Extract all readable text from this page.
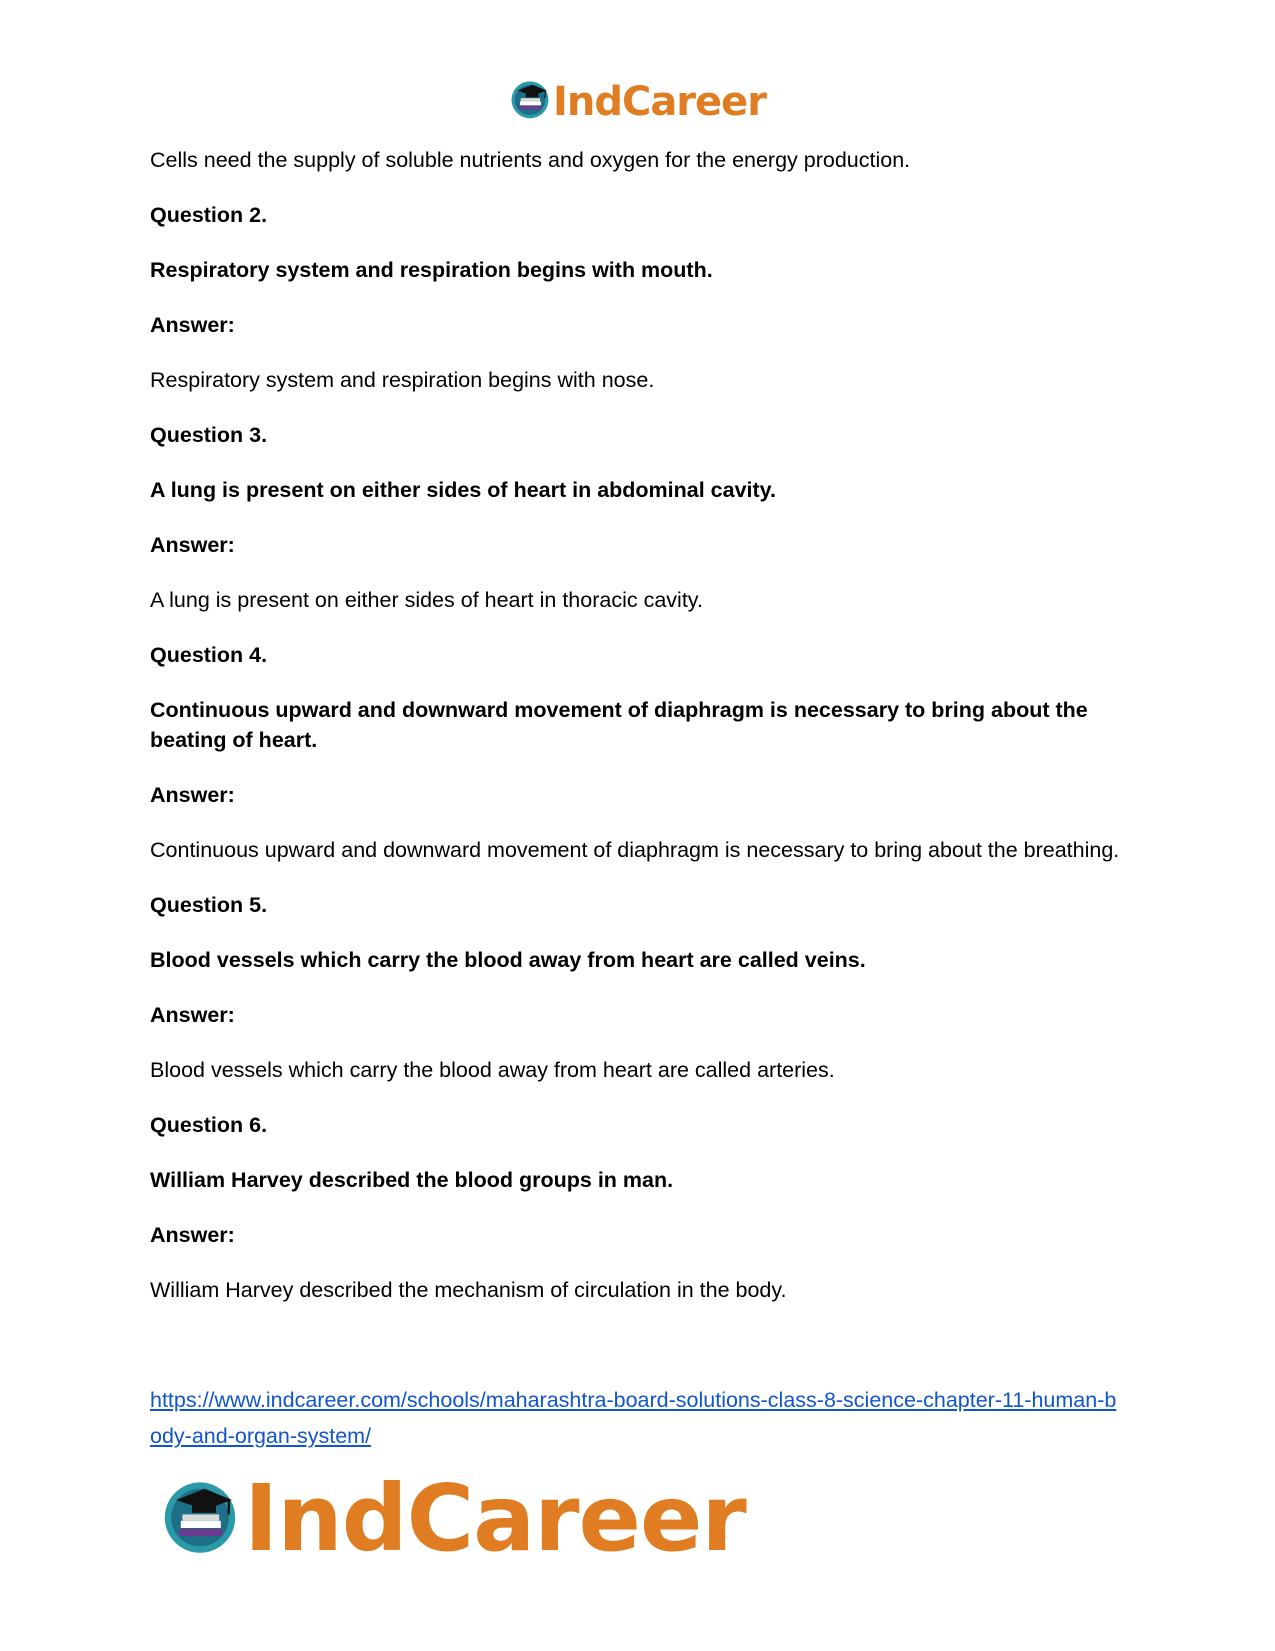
IndCareer

Cells need the supply of soluble nutrients and oxygen for the energy production.

Question 2.

Respiratory system and respiration begins with mouth.

Answer:

Respiratory system and respiration begins with nose.

Question 3.

A lung is present on either sides of heart in abdominal cavity.

Answer:

A lung is present on either sides of heart in thoracic cavity.

Question 4.

Continuous upward and downward movement of diaphragm is necessary to bring about the beating of heart.

Answer:

Continuous upward and downward movement of diaphragm is necessary to bring about the breathing.

Question 5.

Blood vessels which carry the blood away from heart are called veins.

Answer:

Blood vessels which carry the blood away from heart are called arteries.

Question 6.

William Harvey described the blood groups in man.

Answer:

William Harvey described the mechanism of circulation in the body.

https://www.indcareer.com/schools/maharashtra-board-solutions-class-8-science-chapter-11-human-body-and-organ-system/
IndCareer
